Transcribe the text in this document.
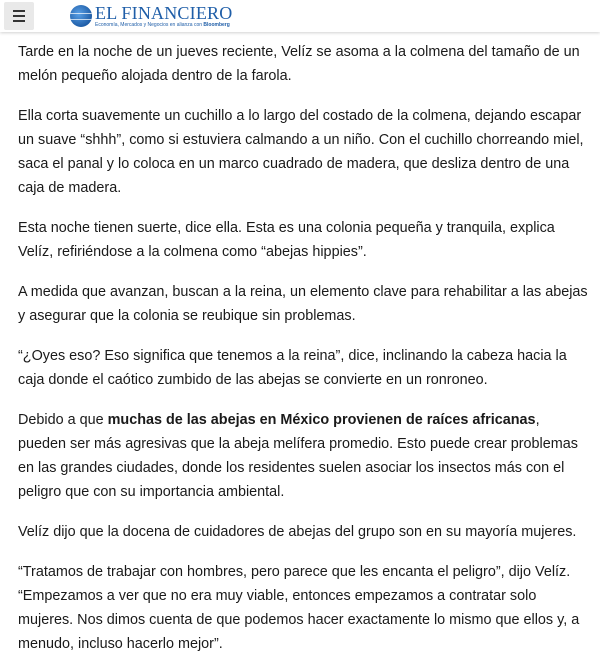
EL FINANCIERO
Economía, Mercados y Negocios en alianza con Bloomberg

Tarde en la noche de un jueves reciente, Velíz se asoma a la colmena del tamaño de un melón pequeño alojada dentro de la farola.

Ella corta suavemente un cuchillo a lo largo del costado de la colmena, dejando escapar un suave “shhh”, como si estuviera calmando a un niño. Con el cuchillo chorreando miel, saca el panal y lo coloca en un marco cuadrado de madera, que desliza dentro de una caja de madera.

Esta noche tienen suerte, dice ella. Esta es una colonia pequeña y tranquila, explica Velíz, refiriéndose a la colmena como “abejas hippies”.

A medida que avanzan, buscan a la reina, un elemento clave para rehabilitar a las abejas y asegurar que la colonia se reubique sin problemas.

“¿Oyes eso? Eso significa que tenemos a la reina”, dice, inclinando la cabeza hacia la caja donde el caótico zumbido de las abejas se convierte en un ronroneo.

Debido a que muchas de las abejas en México provienen de raíces africanas, pueden ser más agresivas que la abeja melífera promedio. Esto puede crear problemas en las grandes ciudades, donde los residentes suelen asociar los insectos más con el peligro que con su importancia ambiental.

Velíz dijo que la docena de cuidadores de abejas del grupo son en su mayoría mujeres.

“Tratamos de trabajar con hombres, pero parece que les encanta el peligro”, dijo Velíz. “Empezamos a ver que no era muy viable, entonces empezamos a contratar solo mujeres. Nos dimos cuenta de que podemos hacer exactamente lo mismo que ellos y, a menudo, incluso hacerlo mejor”.
